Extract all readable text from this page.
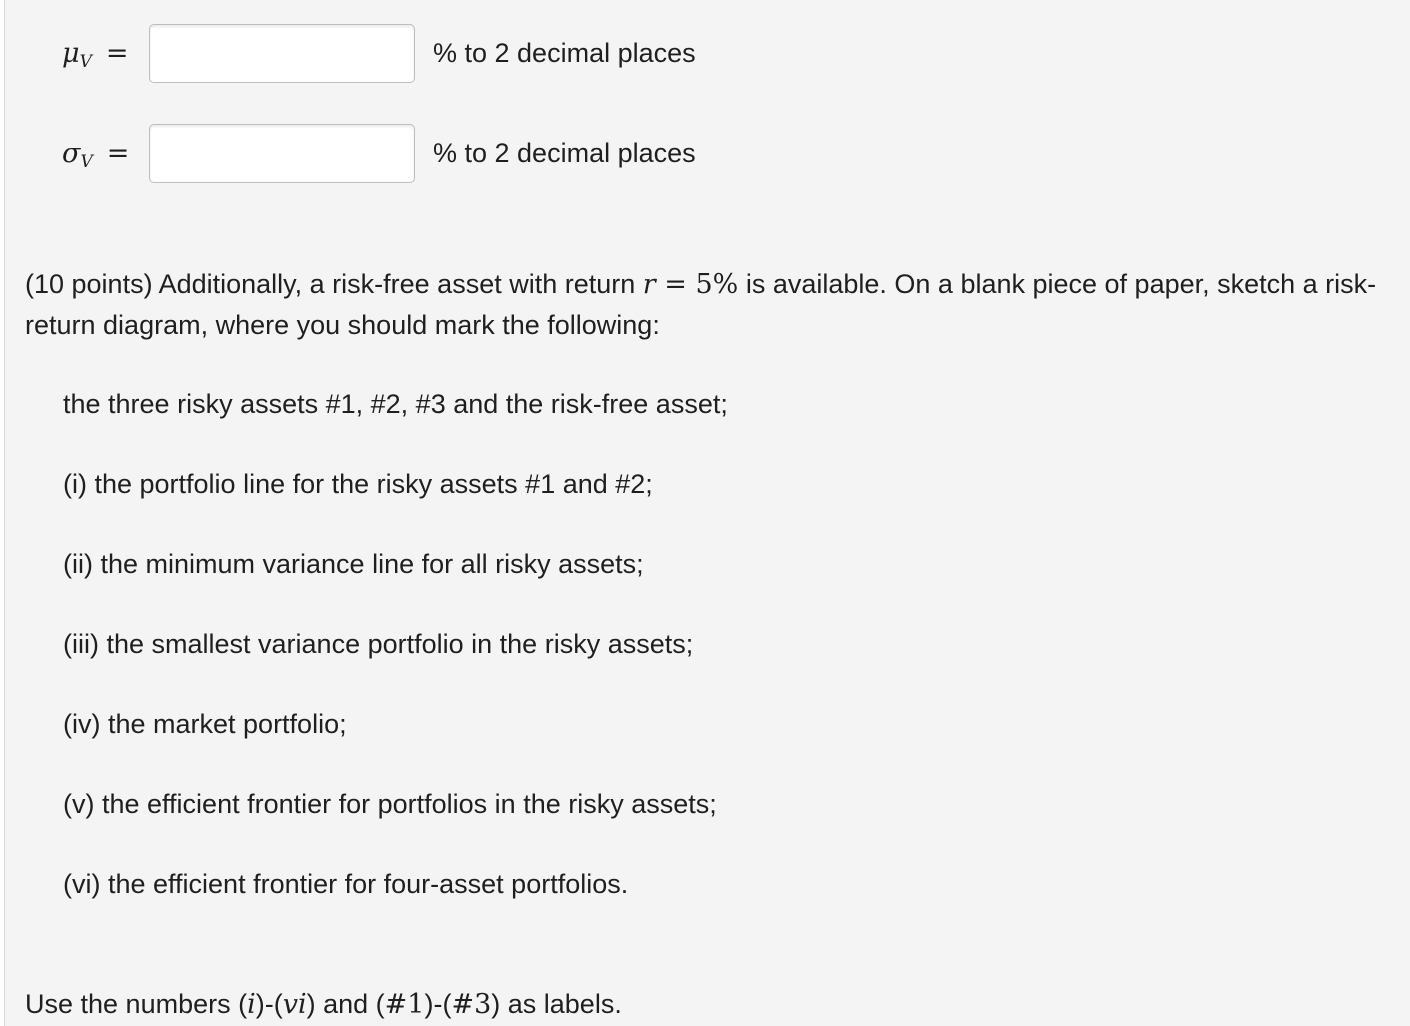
$\mu_V$ =	% to 2 decimal places
$\sigma_V$ =	% to 2 decimal places

(10 points) Additionally, a risk-free asset with return r = 5% is available. On a blank piece of paper, sketch a risk-return diagram, where you should mark the following:

the three risky assets #1, #2, #3 and the risk-free asset;

(i) the portfolio line for the risky assets #1 and #2;

(ii) the minimum variance line for all risky assets;

(iii) the smallest variance portfolio in the risky assets;

(iv) the market portfolio;

(v) the efficient frontier for portfolios in the risky assets;

(vi) the efficient frontier for four-asset portfolios.

Use the numbers (i)-(vi) and (#1)-(#3) as labels.
